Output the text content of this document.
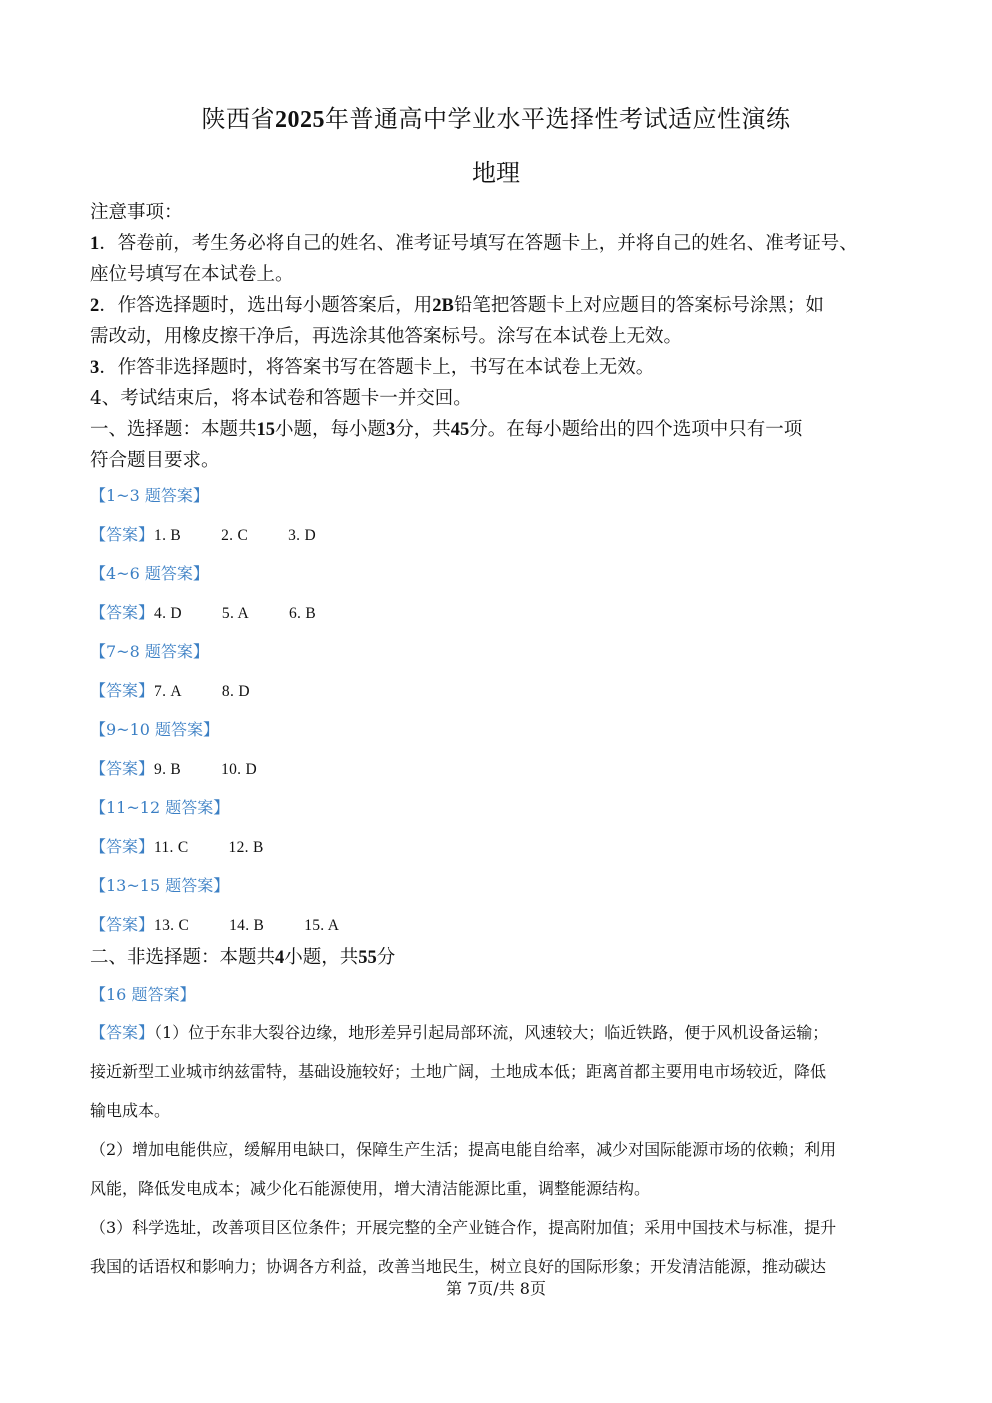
陕西省2025年普通高中学业水平选择性考试适应性演练
地理
注意事项：
1．答卷前，考生务必将自己的姓名、准考证号填写在答题卡上，并将自己的姓名、准考证号、
座位号填写在本试卷上。
2．作答选择题时，选出每小题答案后，用2B铅笔把答题卡上对应题目的答案标号涂黑；如
需改动，用橡皮擦干净后，再选涂其他答案标号。涂写在本试卷上无效。
3．作答非选择题时，将答案书写在答题卡上，书写在本试卷上无效。
4、考试结束后，将本试卷和答题卡一并交回。
一、选择题：本题共15小题，每小题3分，共45分。在每小题给出的四个选项中只有一项
符合题目要求。
【1~3 题答案】
【答案】1. B	2. C	3. D
【4~6 题答案】
【答案】4. D	5. A	6. B
【7~8 题答案】
【答案】7. A	8. D
【9~10 题答案】
【答案】9. B	10. D
【11~12 题答案】
【答案】11. C	12. B
【13~15 题答案】
【答案】13. C	14. B	15. A
二、非选择题：本题共4小题，共55分
【16 题答案】
【答案】（1）位于东非大裂谷边缘，地形差异引起局部环流，风速较大；临近铁路，便于风机设备运输；
接近新型工业城市纳兹雷特，基础设施较好；土地广阔，土地成本低；距离首都主要用电市场较近，降低
输电成本。
（2）增加电能供应，缓解用电缺口，保障生产生活；提高电能自给率，减少对国际能源市场的依赖；利用
风能，降低发电成本；减少化石能源使用，增大清洁能源比重，调整能源结构。
（3）科学选址，改善项目区位条件；开展完整的全产业链合作，提高附加值；采用中国技术与标准，提升
我国的话语权和影响力；协调各方利益，改善当地民生，树立良好的国际形象；开发清洁能源，推动碳达
第 7页/共 8页
